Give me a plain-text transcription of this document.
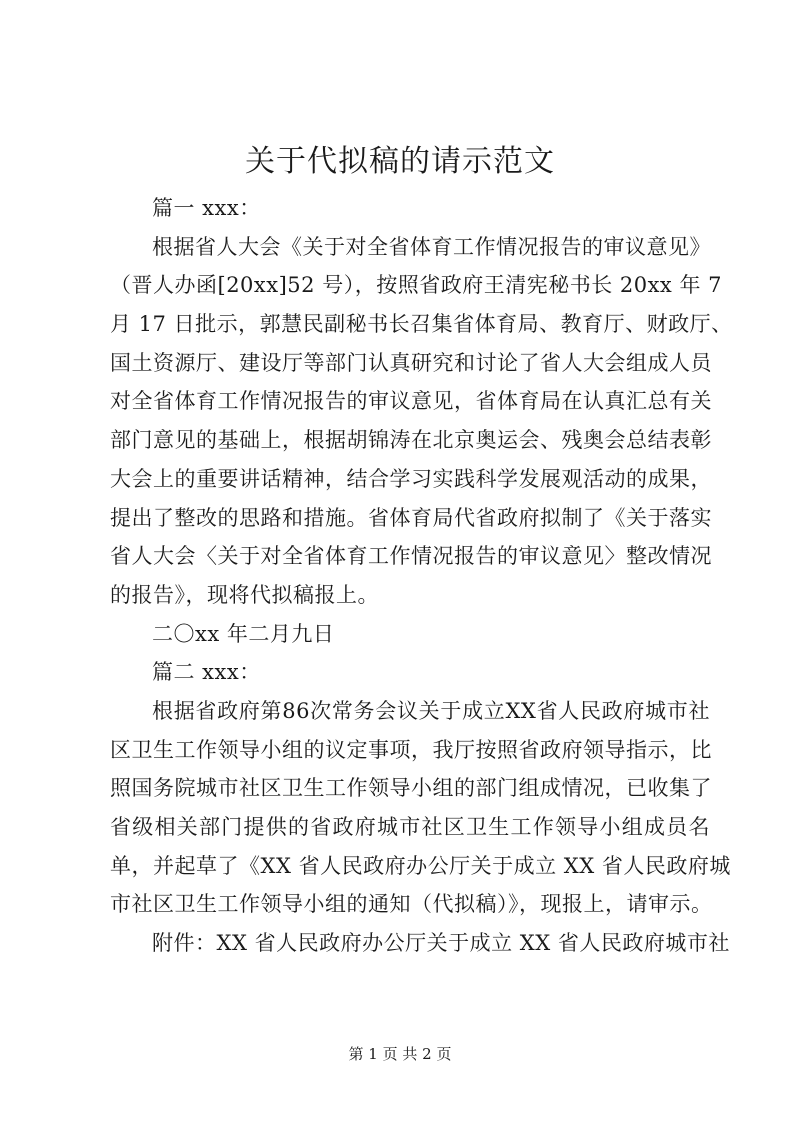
关于代拟稿的请示范文
篇一 xxx：
根据省人大会《关于对全省体育工作情况报告的审议意见》
（晋人办函[20xx]52 号），按照省政府王清宪秘书长 20xx 年 7
月 17 日批示，郭慧民副秘书长召集省体育局、教育厅、财政厅、
国土资源厅、建设厅等部门认真研究和讨论了省人大会组成人员
对全省体育工作情况报告的审议意见，省体育局在认真汇总有关
部门意见的基础上，根据胡锦涛在北京奥运会、残奥会总结表彰
大会上的重要讲话精神，结合学习实践科学发展观活动的成果，
提出了整改的思路和措施。省体育局代省政府拟制了《关于落实
省人大会〈关于对全省体育工作情况报告的审议意见〉整改情况
的报告》，现将代拟稿报上。
二〇xx 年二月九日
篇二 xxx：
根据省政府第86次常务会议关于成立XX省人民政府城市社
区卫生工作领导小组的议定事项，我厅按照省政府领导指示，比
照国务院城市社区卫生工作领导小组的部门组成情况，已收集了
省级相关部门提供的省政府城市社区卫生工作领导小组成员名
单，并起草了《XX 省人民政府办公厅关于成立 XX 省人民政府城
市社区卫生工作领导小组的通知（代拟稿）》，现报上，请审示。
附件：XX 省人民政府办公厅关于成立 XX 省人民政府城市社
第 1 页 共 2 页
